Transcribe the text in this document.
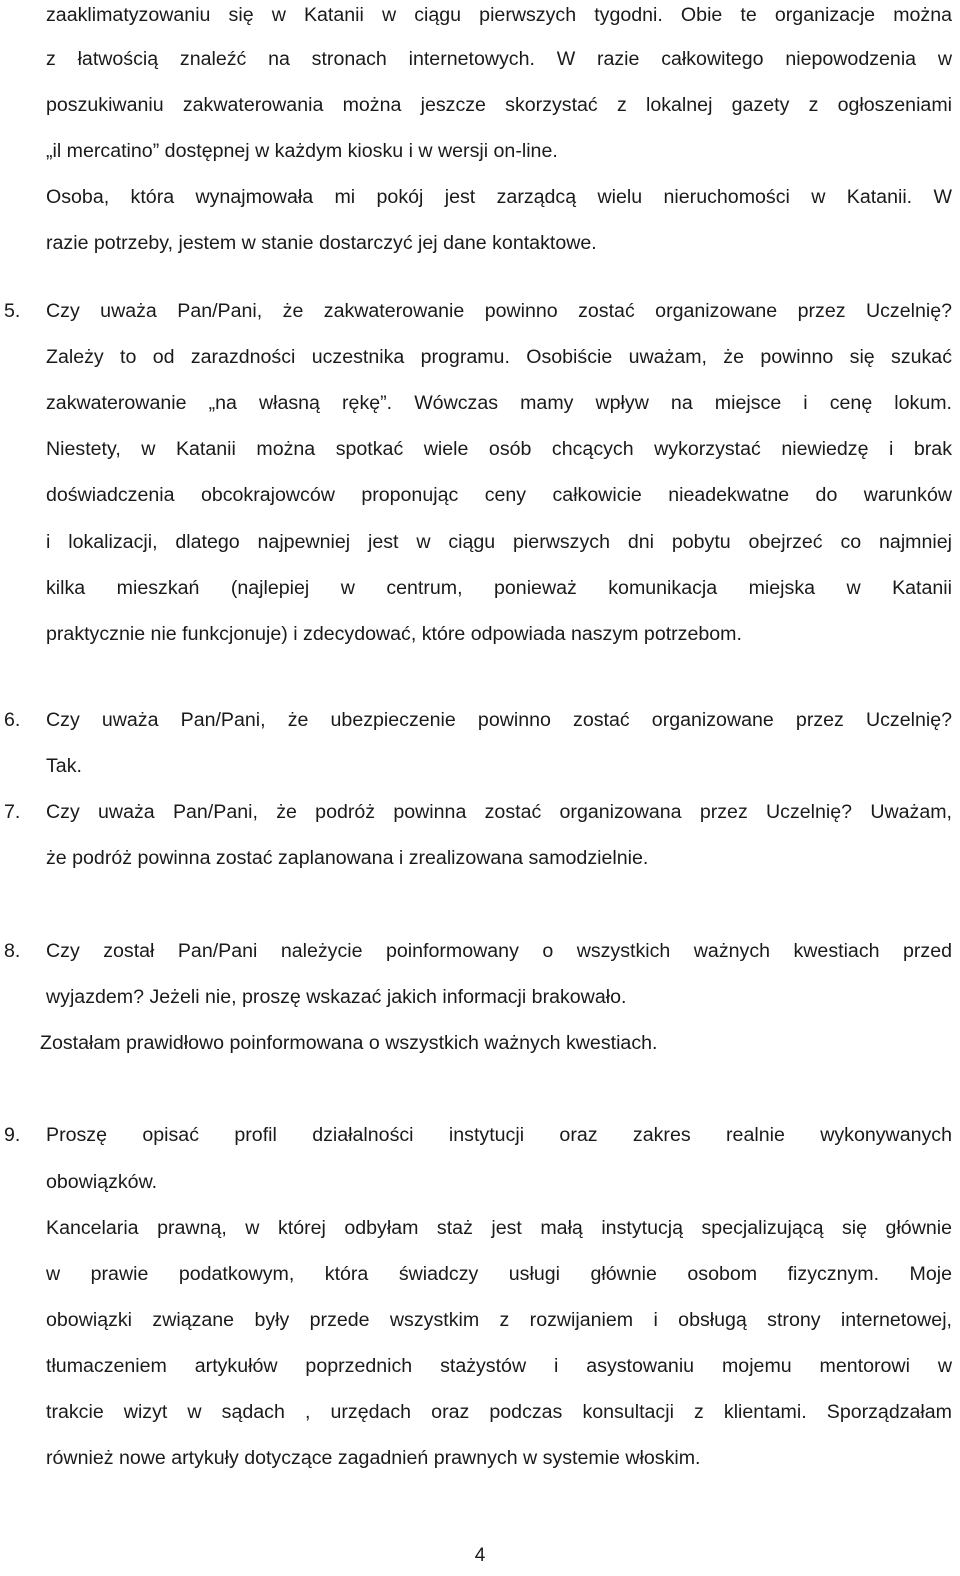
zaaklimatyzowaniu się w Katanii w ciągu pierwszych tygodni. Obie te organizacje można

z łatwością znaleźć na stronach internetowych. W razie całkowitego niepowodzenia w

poszukiwaniu zakwaterowania można jeszcze skorzystać z lokalnej gazety z ogłoszeniami

„il mercatino” dostępnej w każdym kiosku i w wersji on-line.

Osoba, która wynajmowała mi pokój jest zarządcą wielu nieruchomości w Katanii. W

razie potrzeby, jestem w stanie dostarczyć jej dane kontaktowe.

5.	Czy uważa Pan/Pani, że zakwaterowanie powinno zostać organizowane przez Uczelnię?

Zależy to od zarazdności uczestnika programu. Osobiście uważam, że powinno się szukać

zakwaterowanie „na własną rękę”. Wówczas mamy wpływ na miejsce i cenę lokum.

Niestety, w Katanii można spotkać wiele osób chcących wykorzystać niewiedzę i brak

doświadczenia obcokrajowców proponując ceny całkowicie nieadekwatne do warunków

i lokalizacji, dlatego najpewniej jest w ciągu pierwszych dni pobytu obejrzeć co najmniej

kilka mieszkań (najlepiej w centrum, ponieważ komunikacja miejska w Katanii

praktycznie nie funkcjonuje) i zdecydować, które odpowiada naszym potrzebom.

6.	Czy uważa Pan/Pani, że ubezpieczenie powinno zostać organizowane przez Uczelnię?

Tak.

7.	Czy uważa Pan/Pani, że podróż powinna zostać organizowana przez Uczelnię? Uważam,

że podróż powinna zostać zaplanowana i zrealizowana samodzielnie.

8.	Czy został Pan/Pani należycie poinformowany o wszystkich ważnych kwestiach przed

wyjazdem? Jeżeli nie, proszę wskazać jakich informacji brakowało.

Zostałam prawidłowo poinformowana o wszystkich ważnych kwestiach.

9.	Proszę opisać profil działalności instytucji oraz zakres realnie wykonywanych

obowiązków.

Kancelaria prawną, w której odbyłam staż jest małą instytucją specjalizującą się głównie

w prawie podatkowym, która świadczy usługi głównie osobom fizycznym. Moje

obowiązki związane były przede wszystkim z rozwijaniem i obsługą strony internetowej,

tłumaczeniem artykułów poprzednich stażystów i asystowaniu mojemu mentorowi w

trakcie wizyt w sądach , urzędach oraz podczas konsultacji z klientami. Sporządzałam

również nowe artykuły dotyczące zagadnień prawnych w systemie włoskim.

4
